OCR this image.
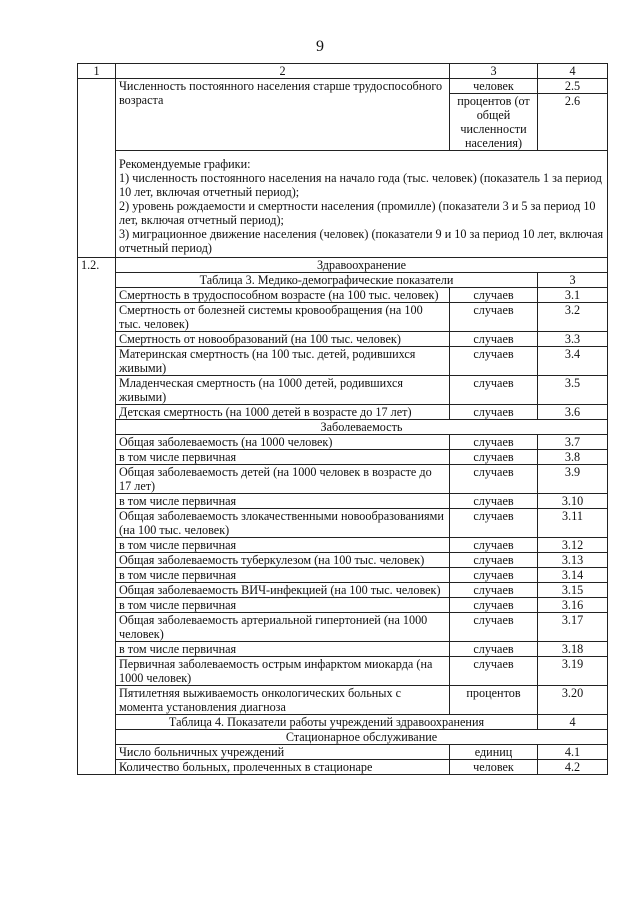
9
1	2	3	4
	Численность постоянного населения старше трудоспособного возраста	человек	2.5
		процентов (от общей численности населения)	2.6

	Рекомендуемые графики:
1) численность постоянного населения на начало года (тыс. человек) (показатель 1 за период 10 лет, включая отчетный период);
2) уровень рождаемости и смертности населения (промилле) (показатели 3 и 5 за период 10 лет, включая отчетный период);
3) миграционное движение населения (человек) (показатели 9 и 10 за период 10 лет, включая отчетный период)		

1.2.	Здравоохранение		
	Таблица 3. Медико-демографические показатели		3
	Смертность в трудоспособном возрасте (на 100 тыс. человек)	случаев	3.1
	Смертность от болезней системы кровообращения (на 100 тыс. человек)	случаев	3.2
	Смертность от новообразований (на 100 тыс. человек)	случаев	3.3
	Материнская смертность (на 100 тыс. детей, родившихся живыми)	случаев	3.4
	Младенческая смертность (на 1000 детей, родившихся живыми)	случаев	3.5
	Детская смертность (на 1000 детей в возрасте до 17 лет)	случаев	3.6
	Заболеваемость		
	Общая заболеваемость (на 1000 человек)	случаев	3.7
	в том числе первичная	случаев	3.8
	Общая заболеваемость детей (на 1000 человек в возрасте до 17 лет)	случаев	3.9
	в том числе первичная	случаев	3.10
	Общая заболеваемость злокачественными новообразованиями (на 100 тыс. человек)	случаев	3.11
	в том числе первичная	случаев	3.12
	Общая заболеваемость туберкулезом (на 100 тыс. человек)	случаев	3.13
	в том числе первичная	случаев	3.14
	Общая заболеваемость ВИЧ-инфекцией (на 100 тыс. человек)	случаев	3.15
	в том числе первичная	случаев	3.16
	Общая заболеваемость артериальной гипертонией (на 1000 человек)	случаев	3.17
	в том числе первичная	случаев	3.18
	Первичная заболеваемость острым инфарктом миокарда (на 1000 человек)	случаев	3.19
	Пятилетняя выживаемость онкологических больных с момента установления диагноза	процентов	3.20
	Таблица 4. Показатели работы учреждений здравоохранения		4
	Стационарное обслуживание		
	Число больничных учреждений	единиц	4.1
	Количество больных, пролеченных в стационаре	человек	4.2
